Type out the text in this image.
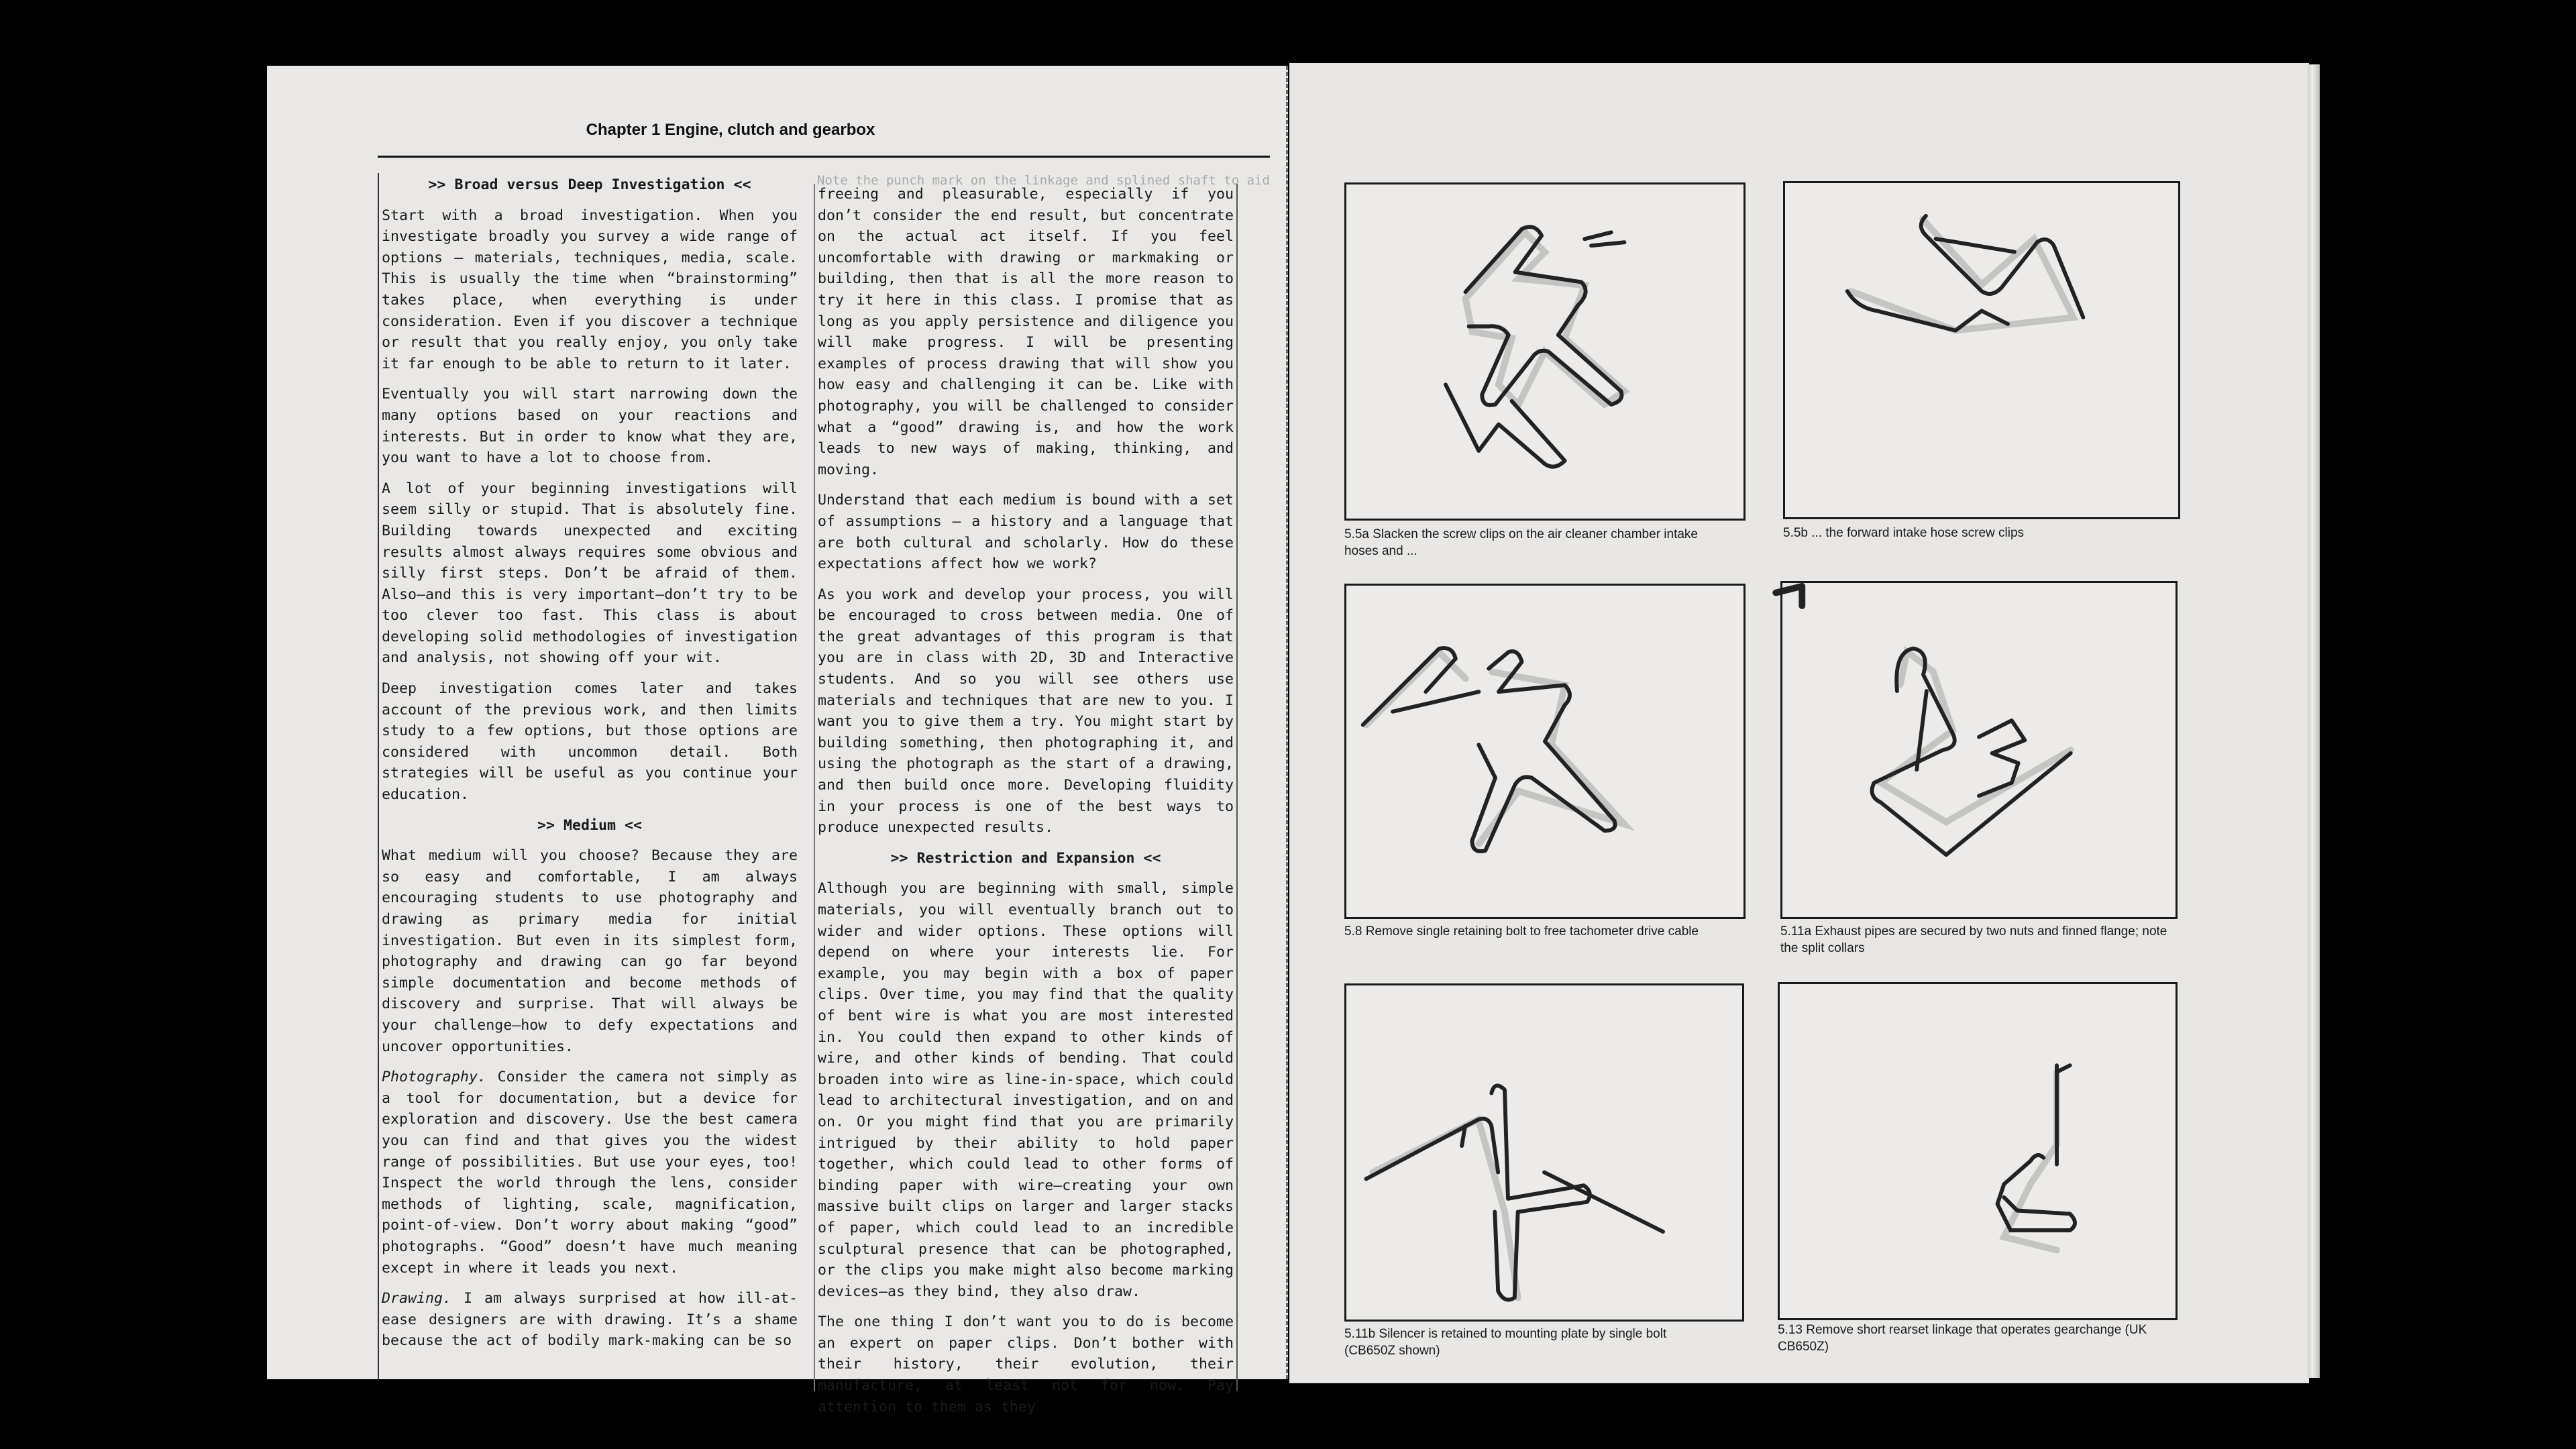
Chapter 1 Engine, clutch and gearbox
>> Broad versus Deep Investigation <<

Start with a broad investigation. When you investigate broadly you survey a wide range of options – materials, techniques, media, scale. This is usually the time when “brainstorming” takes place, when everything is under consideration. Even if you discover a technique or result that you really enjoy, you only take it far enough to be able to return to it later.

Eventually you will start narrowing down the many options based on your reactions and interests. But in order to know what they are, you want to have a lot to choose from.

A lot of your beginning investigations will seem silly or stupid. That is absolutely fine. Building towards unexpected and exciting results almost always requires some obvious and silly first steps. Don’t be afraid of them. Also–and this is very important–don’t try to be too clever too fast. This class is about developing solid methodologies of investigation and analysis, not showing off your wit.

Deep investigation comes later and takes account of the previous work, and then limits study to a few options, but those options are considered with uncommon detail. Both strategies will be useful as you continue your education.

>> Medium <<

What medium will you choose? Because they are so easy and comfortable, I am always encouraging students to use photography and drawing as primary media for initial investigation. But even in its simplest form, photography and drawing can go far beyond simple documentation and become methods of discovery and surprise. That will always be your challenge–how to defy expectations and uncover opportunities.

Photography. Consider the camera not simply as a tool for documentation, but a device for exploration and discovery. Use the best camera you can find and that gives you the widest range of possibilities. But use your eyes, too! Inspect the world through the lens, consider methods of lighting, scale, magnification, point-of-view. Don’t worry about making “good” photographs. “Good” doesn’t have much meaning except in where it leads you next.

Drawing. I am always surprised at how ill-at-ease designers are with drawing. It’s a shame because the act of bodily mark-making can be so

Note the punch mark on the linkage and splined shaft to aid

freeing and pleasurable, especially if you don’t consider the end result, but concentrate on the actual act itself. If you feel uncomfortable with drawing or markmaking or building, then that is all the more reason to try it here in this class. I promise that as long as you apply persistence and diligence you will make progress. I will be presenting examples of process drawing that will show you how easy and challenging it can be. Like with photography, you will be challenged to consider what a “good” drawing is, and how the work leads to new ways of making, thinking, and moving.

Understand that each medium is bound with a set of assumptions – a history and a language that are both cultural and scholarly. How do these expectations affect how we work?

As you work and develop your process, you will be encouraged to cross between media. One of the great advantages of this program is that you are in class with 2D, 3D and Interactive students. And so you will see others use materials and techniques that are new to you. I want you to give them a try. You might start by building something, then photographing it, and using the photograph as the start of a drawing, and then build once more. Developing fluidity in your process is one of the best ways to produce unexpected results.

>> Restriction and Expansion <<

Although you are beginning with small, simple materials, you will eventually branch out to wider and wider options. These options will depend on where your interests lie. For example, you may begin with a box of paper clips. Over time, you may find that the quality of bent wire is what you are most interested in. You could then expand to other kinds of wire, and other kinds of bending. That could broaden into wire as line-in-space, which could lead to architectural investigation, and on and on. Or you might find that you are primarily intrigued by their ability to hold paper together, which could lead to other forms of binding paper with wire–creating your own massive built clips on larger and larger stacks of paper, which could lead to an incredible sculptural presence that can be photographed, or the clips you make might also become marking devices–as they bind, they also draw.

The one thing I don’t want you to do is become an expert on paper clips. Don’t bother with their history, their evolution, their manufacture, at least not for now. Pay attention to them as they

5.5a Slacken the screw clips on the air cleaner chamber intake hoses and ...
5.5b ... the forward intake hose screw clips
5.8 Remove single retaining bolt to free tachometer drive cable	5.11a Exhaust pipes are secured by two nuts and finned flange; note the split collars
5.11b Silencer is retained to mounting plate by single bolt (CB650Z shown)
5.13 Remove short rearset linkage that operates gearchange (UK CB650Z)
